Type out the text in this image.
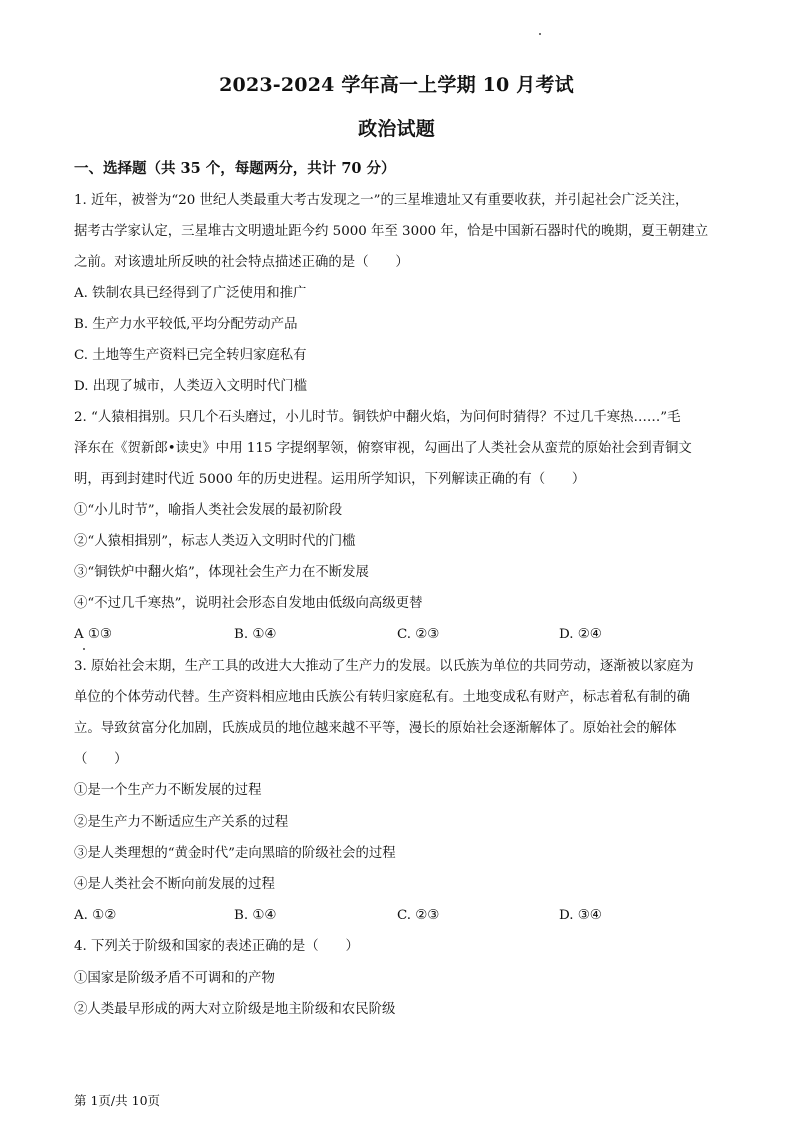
2023-2024 学年高一上学期 10 月考试
政治试题
一、选择题（共 35 个，每题两分，共计 70 分）
1. 近年，被誉为“20 世纪人类最重大考古发现之一”的三星堆遗址又有重要收获，并引起社会广泛关注，
据考古学家认定，三星堆古文明遗址距今约 5000 年至 3000 年，恰是中国新石器时代的晚期，夏王朝建立
之前。对该遗址所反映的社会特点描述正确的是（　　）
A. 铁制农具已经得到了广泛使用和推广
B. 生产力水平较低,平均分配劳动产品
C. 土地等生产资料已完全转归家庭私有
D. 出现了城市，人类迈入文明时代门槛
2. “人猿相揖别。只几个石头磨过，小儿时节。铜铁炉中翻火焰，为问何时猜得？不过几千寒热……”毛
泽东在《贺新郎•读史》中用 115 字提纲挈领，俯察审视，勾画出了人类社会从蛮荒的原始社会到青铜文
明，再到封建时代近 5000 年的历史进程。运用所学知识，下列解读正确的有（　　）
①“小儿时节”，喻指人类社会发展的最初阶段
②“人猿相揖别”，标志人类迈入文明时代的门槛
③“铜铁炉中翻火焰”，体现社会生产力在不断发展
④“不过几千寒热”，说明社会形态自发地由低级向高级更替
A ①③	B. ①④	C. ②③	D. ②④
3. 原始社会末期，生产工具的改进大大推动了生产力的发展。以氏族为单位的共同劳动，逐渐被以家庭为
单位的个体劳动代替。生产资料相应地由氏族公有转归家庭私有。土地变成私有财产，标志着私有制的确
立。导致贫富分化加剧，氏族成员的地位越来越不平等，漫长的原始社会逐渐解体了。原始社会的解体
（　　）
①是一个生产力不断发展的过程
②是生产力不断适应生产关系的过程
③是人类理想的“黄金时代”走向黑暗的阶级社会的过程
④是人类社会不断向前发展的过程
A. ①②	B. ①④	C. ②③	D. ③④
4. 下列关于阶级和国家的表述正确的是（　　）
①国家是阶级矛盾不可调和的产物
②人类最早形成的两大对立阶级是地主阶级和农民阶级
第 1页/共 10页
